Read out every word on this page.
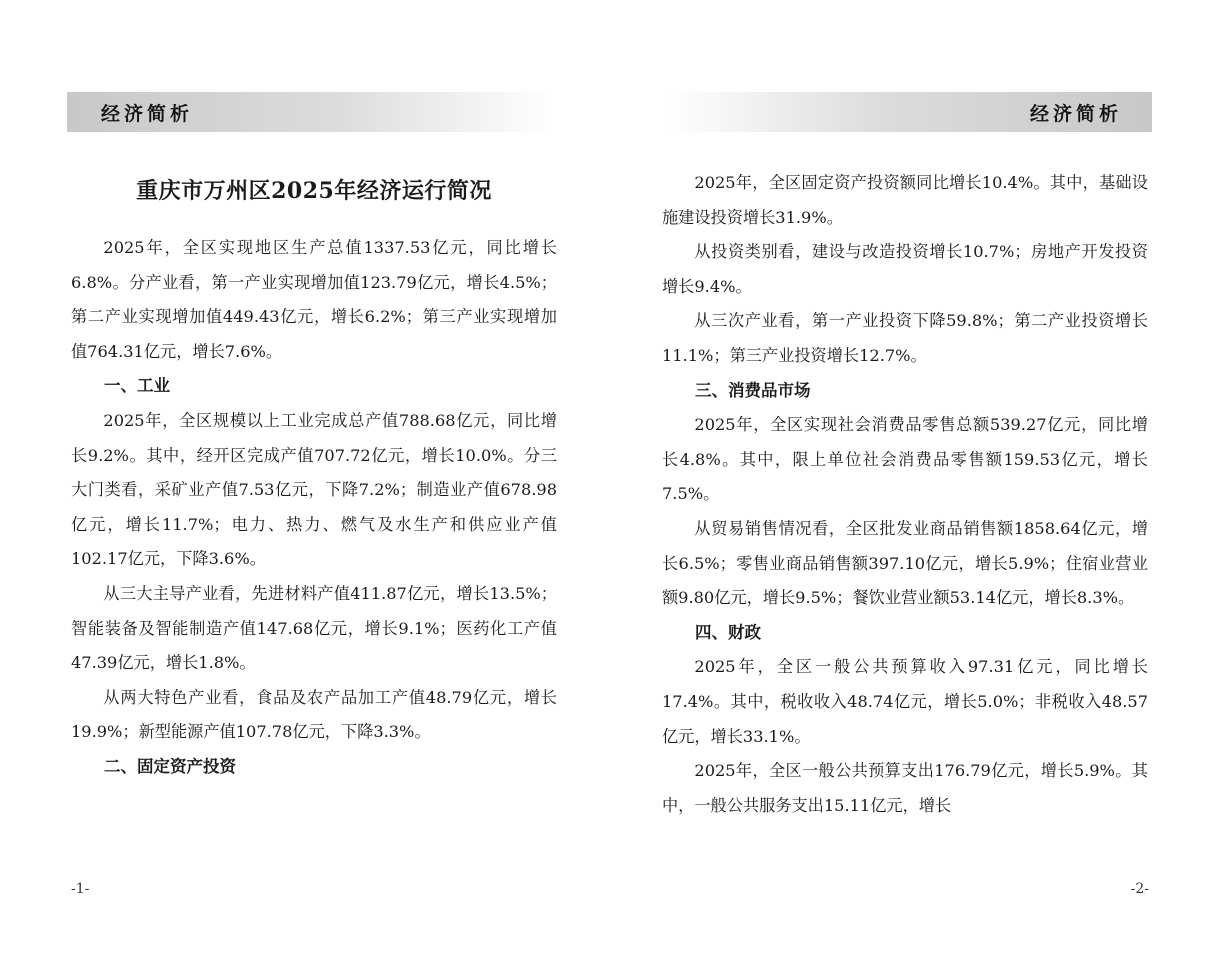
经济简析
重庆市万州区2025年经济运行简况

2025年，全区实现地区生产总值1337.53亿元，同比增长6.8%。分产业看，第一产业实现增加值123.79亿元，增长4.5%；第二产业实现增加值449.43亿元，增长6.2%；第三产业实现增加值764.31亿元，增长7.6%。

一、工业

2025年，全区规模以上工业完成总产值788.68亿元，同比增长9.2%。其中，经开区完成产值707.72亿元，增长10.0%。分三大门类看，采矿业产值7.53亿元，下降7.2%；制造业产值678.98亿元，增长11.7%；电力、热力、燃气及水生产和供应业产值102.17亿元，下降3.6%。

从三大主导产业看，先进材料产值411.87亿元，增长13.5%；智能装备及智能制造产值147.68亿元，增长9.1%；医药化工产值47.39亿元，增长1.8%。

从两大特色产业看，食品及农产品加工产值48.79亿元，增长19.9%；新型能源产值107.78亿元，下降3.3%。

二、固定资产投资

-1-
经济简析

2025年，全区固定资产投资额同比增长10.4%。其中，基础设施建设投资增长31.9%。

从投资类别看，建设与改造投资增长10.7%；房地产开发投资增长9.4%。

从三次产业看，第一产业投资下降59.8%；第二产业投资增长11.1%；第三产业投资增长12.7%。

三、消费品市场

2025年，全区实现社会消费品零售总额539.27亿元，同比增长4.8%。其中，限上单位社会消费品零售额159.53亿元，增长7.5%。

从贸易销售情况看，全区批发业商品销售额1858.64亿元，增长6.5%；零售业商品销售额397.10亿元，增长5.9%；住宿业营业额9.80亿元，增长9.5%；餐饮业营业额53.14亿元，增长8.3%。

四、财政

2025年，全区一般公共预算收入97.31亿元，同比增长17.4%。其中，税收收入48.74亿元，增长5.0%；非税收入48.57亿元，增长33.1%。

2025年，全区一般公共预算支出176.79亿元，增长5.9%。其中，一般公共服务支出15.11亿元，增长

-2-
